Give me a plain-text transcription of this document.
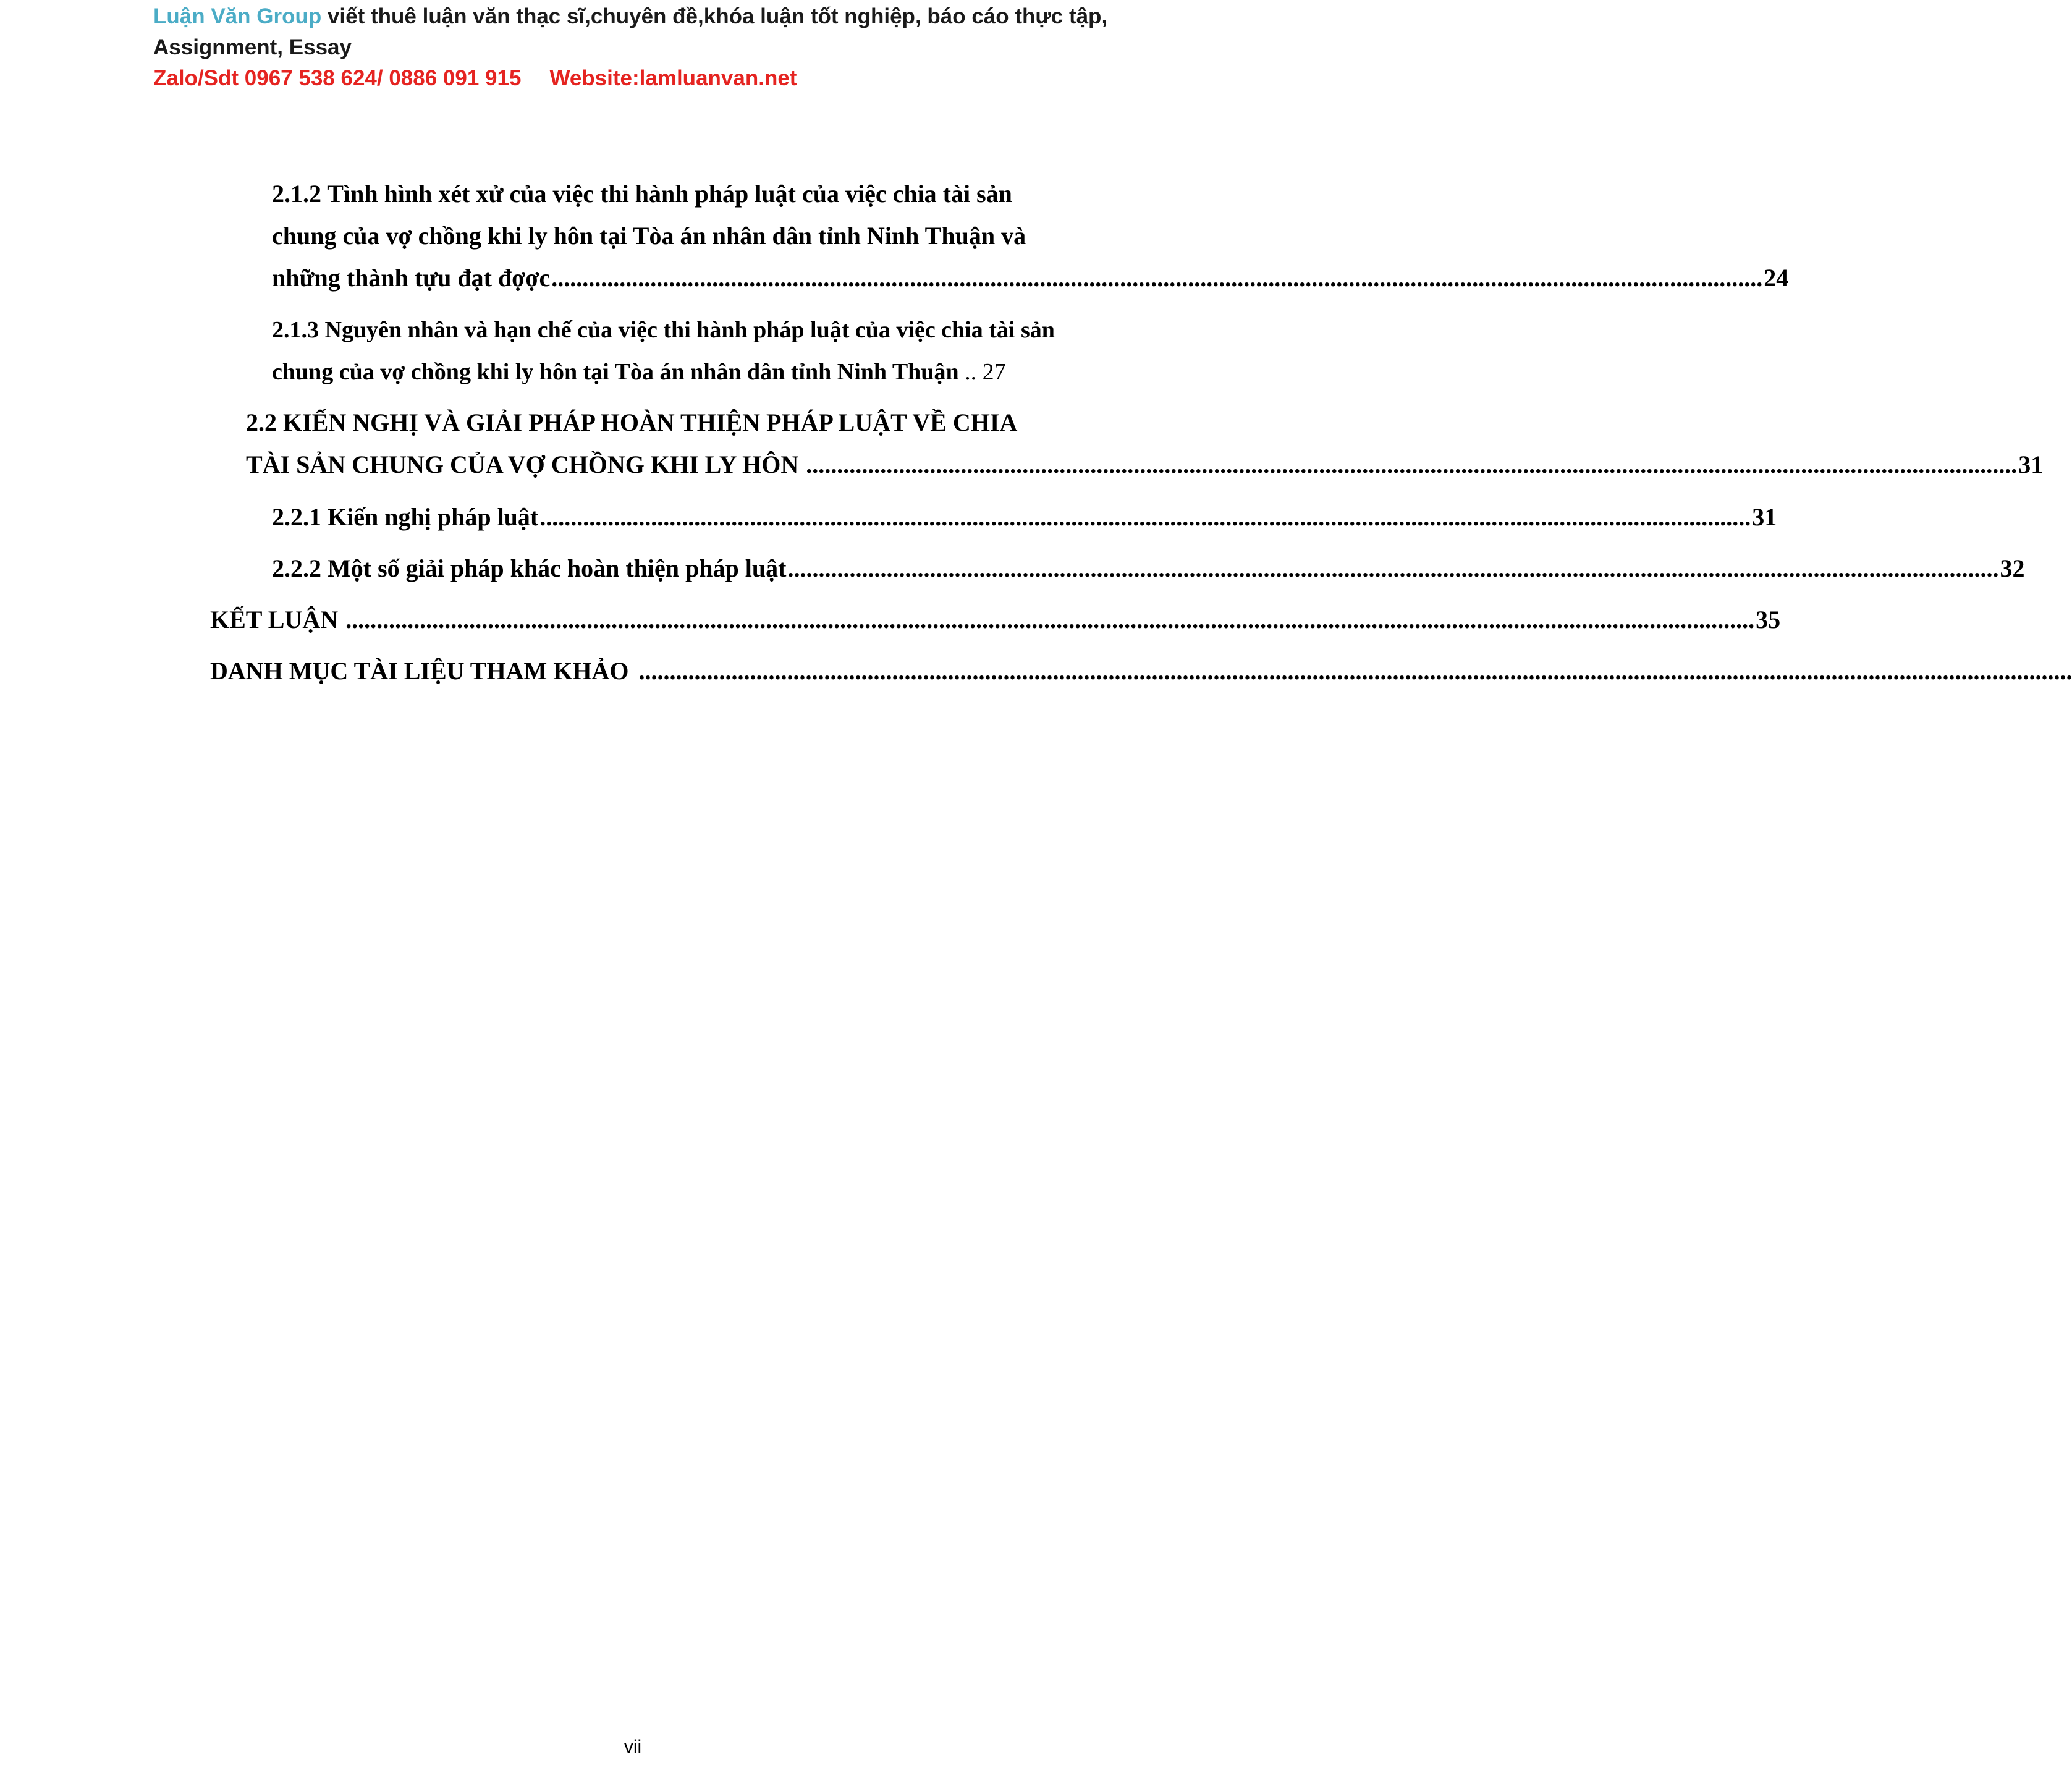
Luận Văn Group viết thuê luận văn thạc sĩ,chuyên đề,khóa luận tốt nghiệp, báo cáo thực tập,
Assignment, Essay
Zalo/Sdt 0967 538 624/ 0886 091 915 Website:lamluanvan.net
2.1.2 Tình hình xét xử của việc thi hành pháp luật của việc chia tài sản
chung của vợ chồng khi ly hôn tại Tòa án nhân dân tỉnh Ninh Thuận và
những thành tựu đạt đợợc .................................................................................................................................................................................................... 24
2.1.3 Nguyên nhân và hạn chế của việc thi hành pháp luật của việc chia tài sản
chung của vợ chồng khi ly hôn tại Tòa án nhân dân tỉnh Ninh Thuận .. 27
2.2 KIẾN NGHỊ VÀ GIẢI PHÁP HOÀN THIỆN PHÁP LUẬT VỀ CHIA
TÀI SẢN CHUNG CỦA VỢ CHỒNG KHI LY HÔN .................................................................................................................................................................................................... 31
2.2.1 Kiến nghị pháp luật .................................................................................................................................................................................................... 31
2.2.2 Một số giải pháp khác hoàn thiện pháp luật .................................................................................................................................................................................................... 32
KẾT LUẬN .................................................................................................................................................................................................................................... 35
DANH MỤC TÀI LIỆU THAM KHẢO ........................................................................................................................................................................................................................................
vii
